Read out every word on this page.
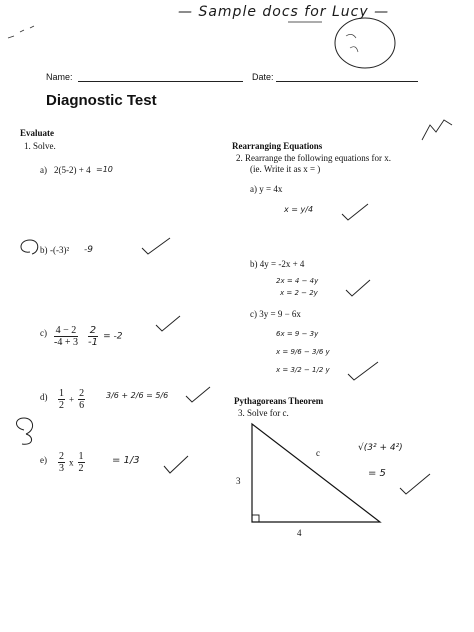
— Sample docs for Lucy —
Name:	Date:
Diagnostic Test
Evaluate
1. Solve.
a) 2(5-2) + 4 =10
b) -(-3)² -9
$c) \frac{4 - 2}{-4 + 3} \frac{2}{-1} = -2$
$d) \frac{1}{2} + \frac{2}{6}$	3/6 + 2/6 = 5/6
$e) \frac{2}{3}$ x $\frac{1}{2}$	= 1/3
Rearranging Equations
2. Rearrange the following equations for x.
(ie. Write it as x = )
a) y = 4x
x = y/4
b) 4y = -2x + 4
2x = 4 − 4y
x = 2 − 2y
c) 3y = 9 − 6x
6x = 9 − 3y
x = 9/6 − 3/6 y
x = 3/2 − 1/2 y
Pythagoreans Theorem
3. Solve for c.
c
3
4
√(3² + 4²)
= 5
